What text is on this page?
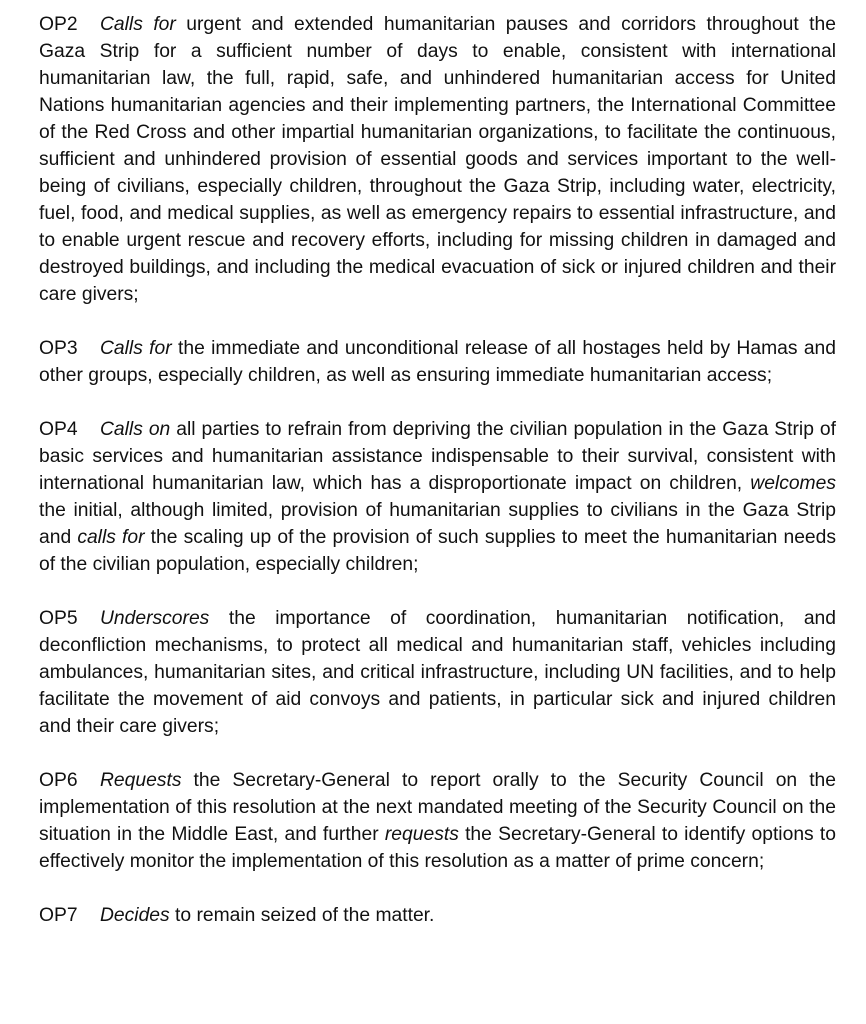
OP2 Calls for urgent and extended humanitarian pauses and corridors throughout the Gaza Strip for a sufficient number of days to enable, consistent with international humanitarian law, the full, rapid, safe, and unhindered humanitarian access for United Nations humanitarian agencies and their implementing partners, the International Committee of the Red Cross and other impartial humanitarian organizations, to facilitate the continuous, sufficient and unhindered provision of essential goods and services important to the well-being of civilians, especially children, throughout the Gaza Strip, including water, electricity, fuel, food, and medical supplies, as well as emergency repairs to essential infrastructure, and to enable urgent rescue and recovery efforts, including for missing children in damaged and destroyed buildings, and including the medical evacuation of sick or injured children and their care givers;

OP3 Calls for the immediate and unconditional release of all hostages held by Hamas and other groups, especially children, as well as ensuring immediate humanitarian access;

OP4 Calls on all parties to refrain from depriving the civilian population in the Gaza Strip of basic services and humanitarian assistance indispensable to their survival, consistent with international humanitarian law, which has a disproportionate impact on children, welcomes the initial, although limited, provision of humanitarian supplies to civilians in the Gaza Strip and calls for the scaling up of the provision of such supplies to meet the humanitarian needs of the civilian population, especially children;

OP5 Underscores the importance of coordination, humanitarian notification, and deconfliction mechanisms, to protect all medical and humanitarian staff, vehicles including ambulances, humanitarian sites, and critical infrastructure, including UN facilities, and to help facilitate the movement of aid convoys and patients, in particular sick and injured children and their care givers;

OP6 Requests the Secretary-General to report orally to the Security Council on the implementation of this resolution at the next mandated meeting of the Security Council on the situation in the Middle East, and further requests the Secretary-General to identify options to effectively monitor the implementation of this resolution as a matter of prime concern;

OP7 Decides to remain seized of the matter.
